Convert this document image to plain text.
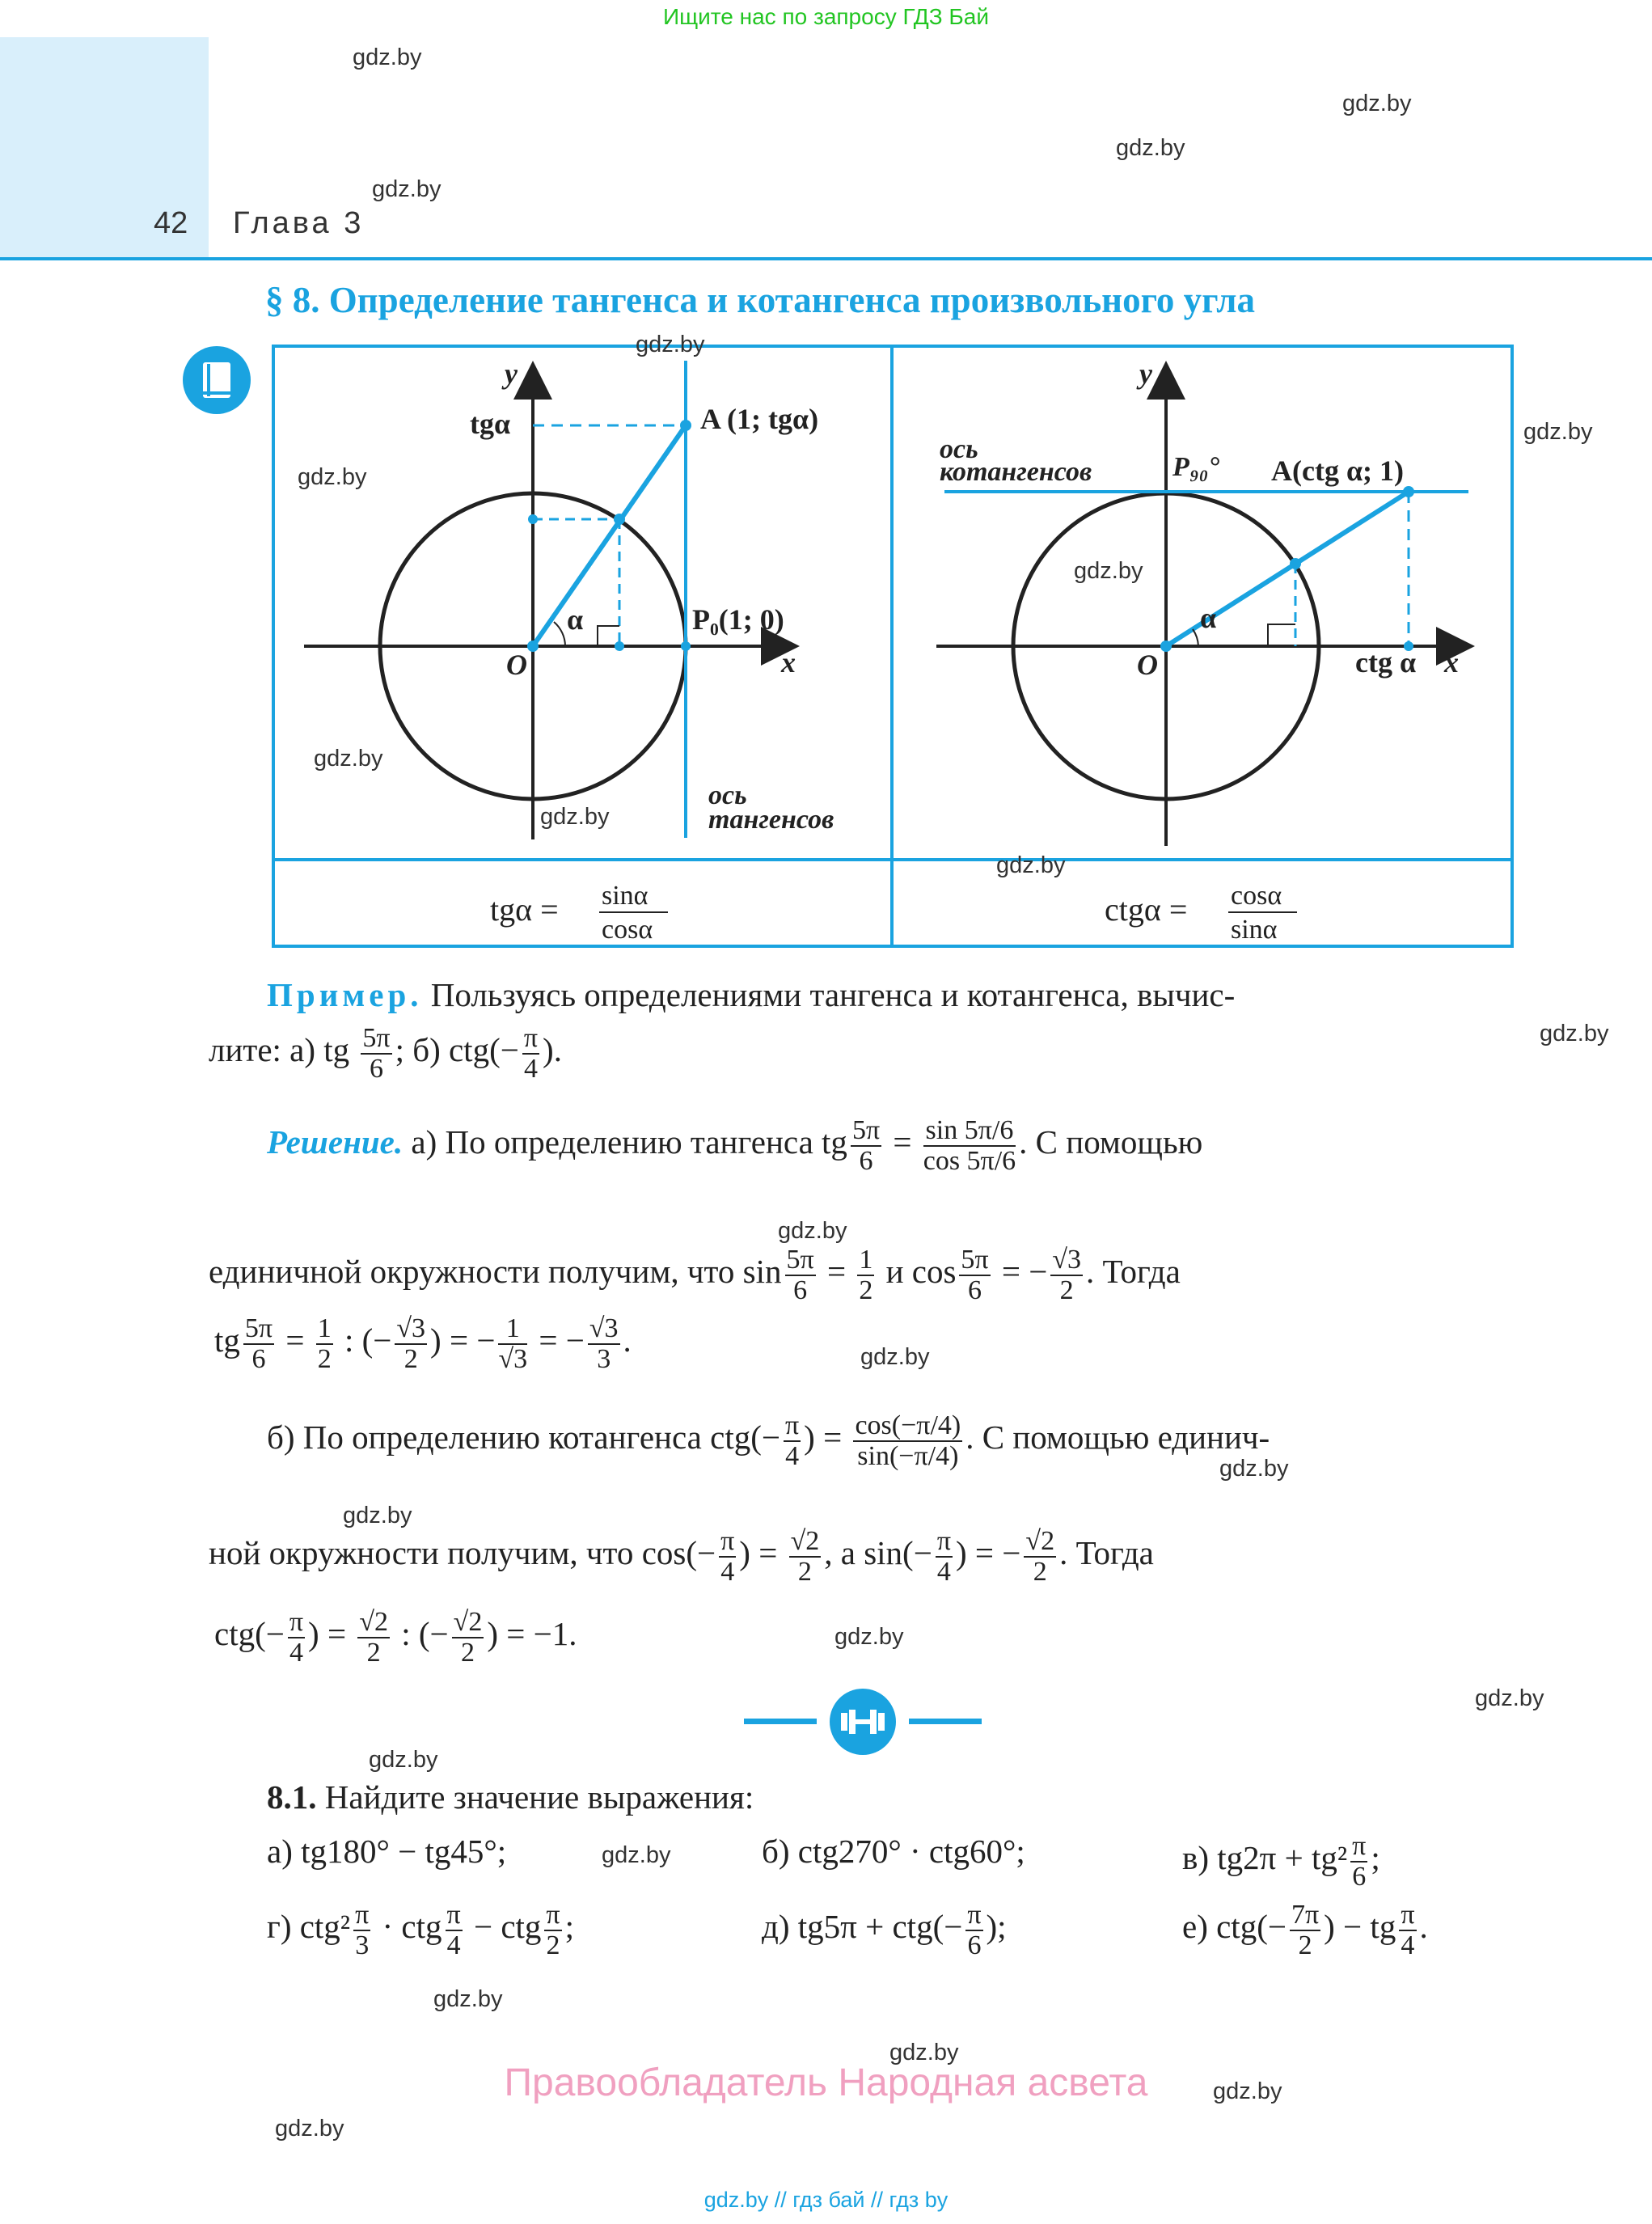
Ищите нас по запросу ГДЗ Бай
42 Глава 3
§ 8. Определение тангенса и котангенса произвольного угла
y
x
O
α
tgα	A (1; tgα)
P₀(1; 0)
ось
тангенсов
y
x
O
α
ось
котангенсов	P₉₀° A(ctg α; 1)
ctg α
tgα = sinα
cosα
ctgα = cosα
sinα
Пример. Пользуясь определениями тангенса и котангенса, вычис-
лите: а) tg $\frac{5\pi}{6}$ ; б) $ctg(- \frac{\pi}{4}$ ).
Решение. а) По определению тангенса tg $\frac{5\pi}{6} = \frac{\sin 5\pi/6}{\cos 5\pi/6}$ . С помощью
единичной окружности получим, что $\sin \frac{5\pi}{6} = \frac{1}{2}$ и $\cos \frac{5\pi}{6}$ = − $\frac{√3}{2}$ . Тогда
tg $\frac{5\pi}{6} = \frac{1}{2}$ : (− $\frac{√3}{2}$ ) = − $\frac{1}{√3}$ = − $\frac{√3}{3}$ .
б) По определению котангенса $ctg(- \frac{\pi}{4}$ ) = $\frac{\cos(-\pi/4)}{\sin(-\pi/4)}$ . С помощью единич-
ной окружности получим, что $\cos(- \frac{\pi}{4}$ ) = $\frac{√2}{2}$ , а $\sin(- \frac{\pi}{4}$ ) = − $\frac{√2}{2}$ . Тогда
$ctg(- \frac{\pi}{4}$ ) = $\frac{√2}{2}$ : (− $\frac{√2}{2}$ ) = −1.
8.1. Найдите значение выражения:
а) tg180° − tg45°;	б) ctg270° · ctg60°;	в) $tg2\pi + tg^2 \frac{\pi}{6}$ ;
г) $ctg^2 \frac{\pi}{3}$ · ctg $\frac{\pi}{4}$ − ctg $\frac{\pi}{2}$ ;	д) $tg5\pi + ctg(- \frac{\pi}{6}$ );	е) $ctg(- \frac{7\pi}{2}$ ) − tg $\frac{\pi}{4}$ .
Правообладатель Народная асвета
gdz.by // гдз бай // гдз by
gdz.by
gdz.by
gdz.by
gdz.by
gdz.by
gdz.by
gdz.by
gdz.by
gdz.by
gdz.by
gdz.by
gdz.by
gdz.by
gdz.by
gdz.by
gdz.by
gdz.by
gdz.by
gdz.by
gdz.by
gdz.by
gdz.by
gdz.by
gdz.by
